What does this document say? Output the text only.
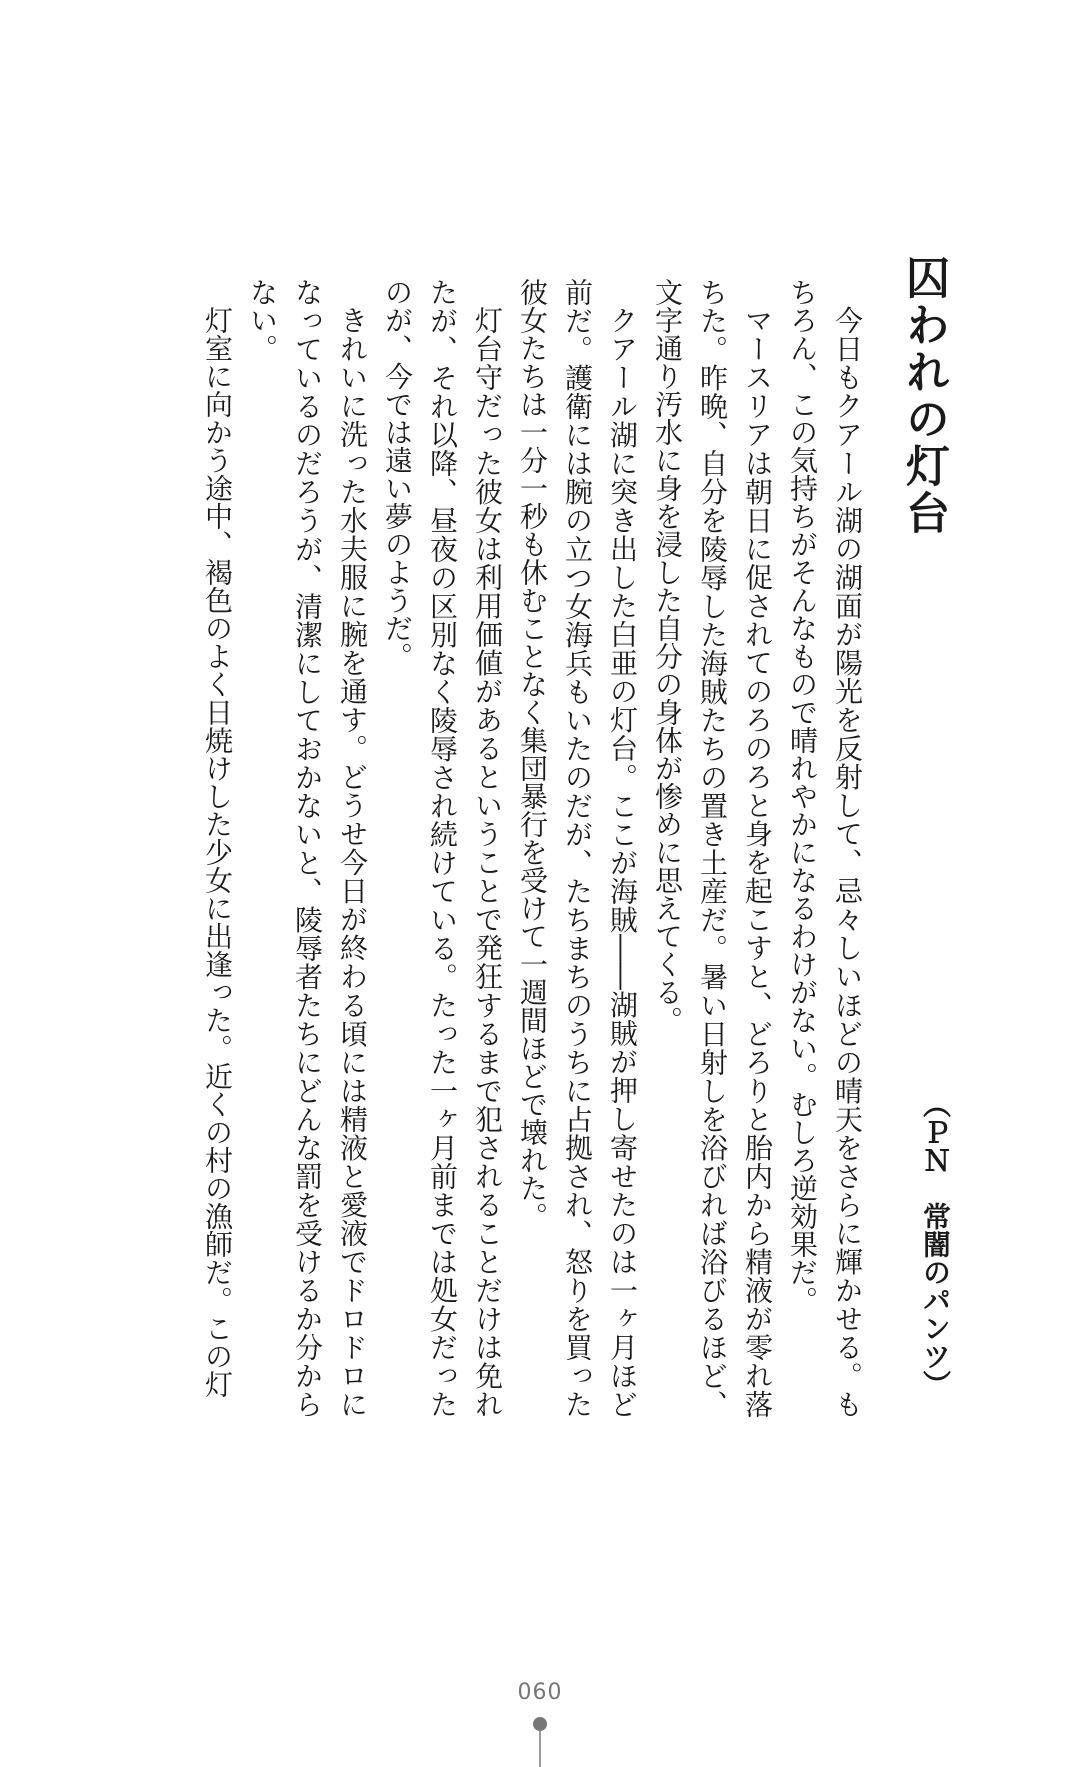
囚われの灯台
（ＰＮ　常闇のパンツ）

今日もクアール湖の湖面が陽光を反射して、忌々しいほどの晴天をさらに輝かせる。もちろん、この気持ちがそんなもので晴れやかになるわけがない。むしろ逆効果だ。

マースリアは朝日に促されてのろのろと身を起こすと、どろりと胎内から精液が零れ落ちた。昨晩、自分を陵辱した海賊たちの置き土産だ。暑い日射しを浴びれば浴びるほど、文字通り汚水に身を浸した自分の身体が惨めに思えてくる。

クアール湖に突き出した白亜の灯台。ここが海賊――湖賊が押し寄せたのは一ヶ月ほど前だ。護衛には腕の立つ女海兵もいたのだが、たちまちのうちに占拠され、怒りを買った彼女たちは一分一秒も休むことなく集団暴行を受けて一週間ほどで壊れた。

灯台守だった彼女は利用価値があるということで発狂するまで犯されることだけは免れたが、それ以降、昼夜の区別なく陵辱され続けている。たった一ヶ月前までは処女だったのが、今では遠い夢のようだ。

きれいに洗った水夫服に腕を通す。どうせ今日が終わる頃には精液と愛液でドロドロになっているのだろうが、清潔にしておかないと、陵辱者たちにどんな罰を受けるか分からない。

灯室に向かう途中、褐色のよく日焼けした少女に出逢った。近くの村の漁師だ。この灯

060
